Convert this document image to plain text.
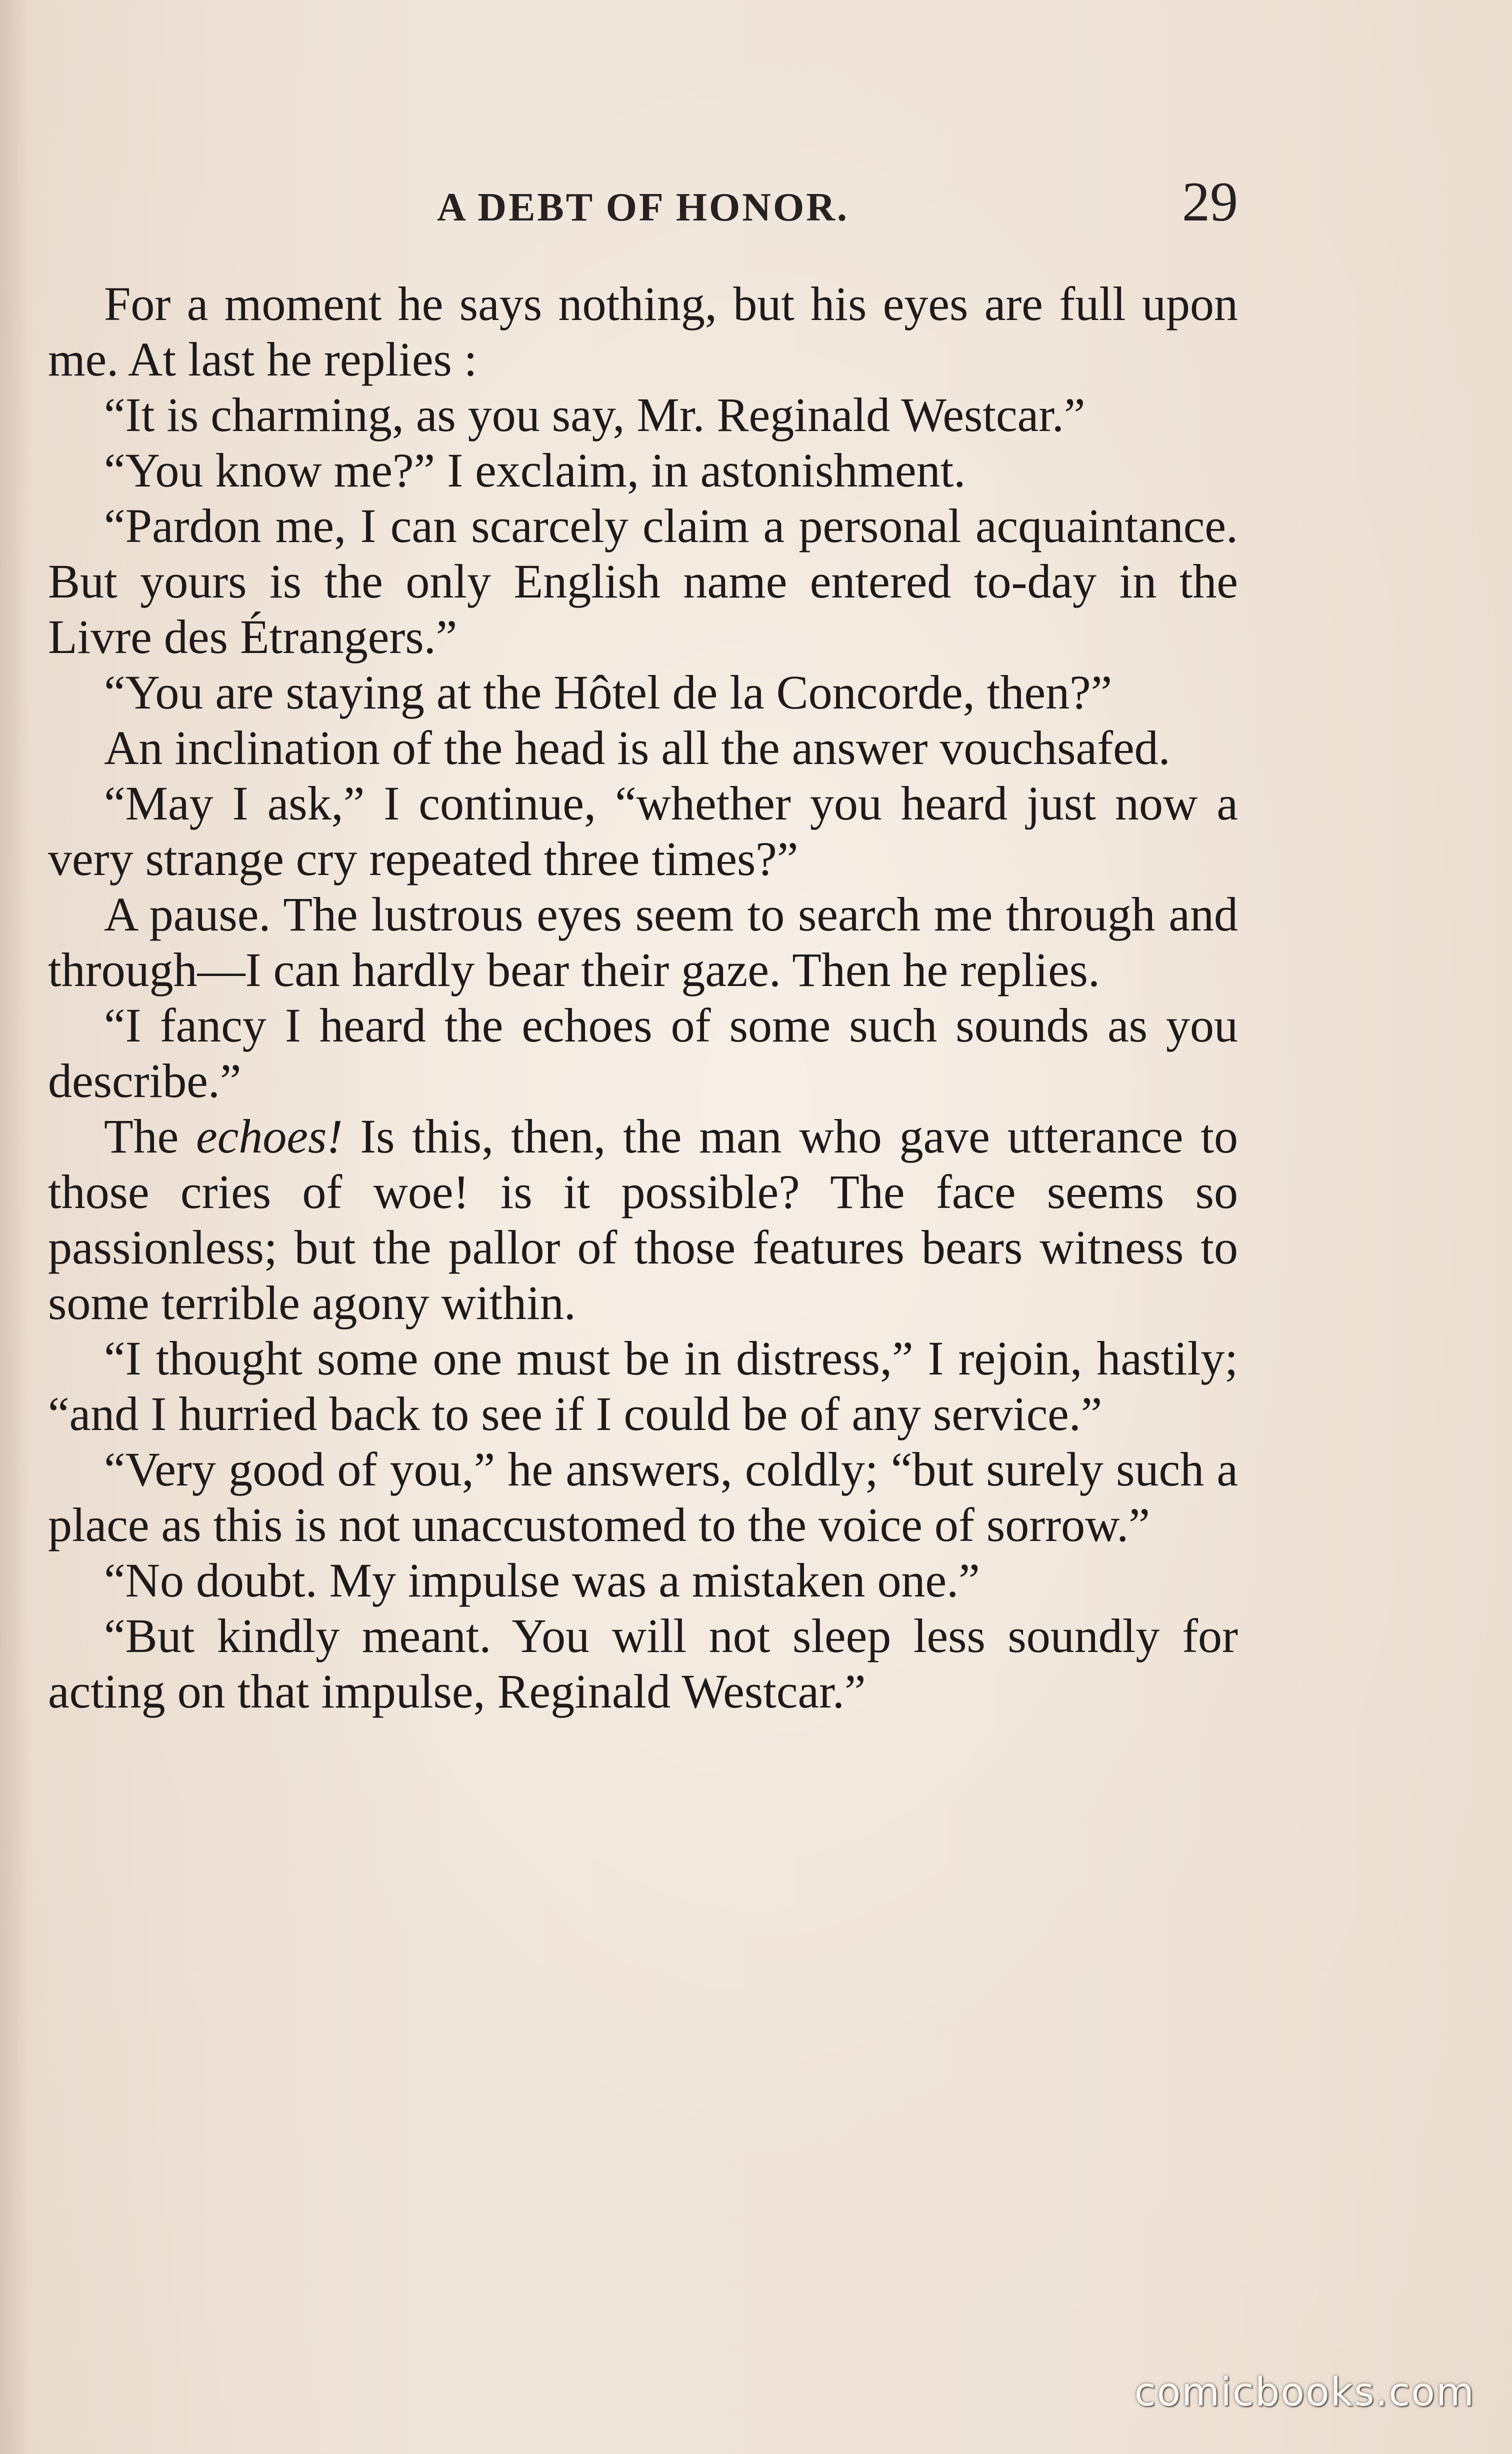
A DEBT OF HONOR.	29

For a moment he says nothing, but his eyes are full upon me. At last he replies :

“It is charming, as you say, Mr. Reginald Westcar.”

“You know me?” I exclaim, in astonishment.

“Pardon me, I can scarcely claim a personal acquaintance. But yours is the only English name entered to-day in the Livre des Étrangers.”

“You are staying at the Hôtel de la Concorde, then?”

An inclination of the head is all the answer vouchsafed.

“May I ask,” I continue, “whether you heard just now a very strange cry repeated three times?”

A pause. The lustrous eyes seem to search me through and through—I can hardly bear their gaze. Then he replies.

“I fancy I heard the echoes of some such sounds as you describe.”

The echoes! Is this, then, the man who gave utterance to those cries of woe! is it possible? The face seems so passionless; but the pallor of those features bears witness to some terrible agony within.

“I thought some one must be in distress,” I rejoin, hastily; “and I hurried back to see if I could be of any service.”

“Very good of you,” he answers, coldly; “but surely such a place as this is not unaccustomed to the voice of sorrow.”

“No doubt. My impulse was a mistaken one.”

“But kindly meant. You will not sleep less soundly for acting on that impulse, Reginald Westcar.”

comicbooks.com
